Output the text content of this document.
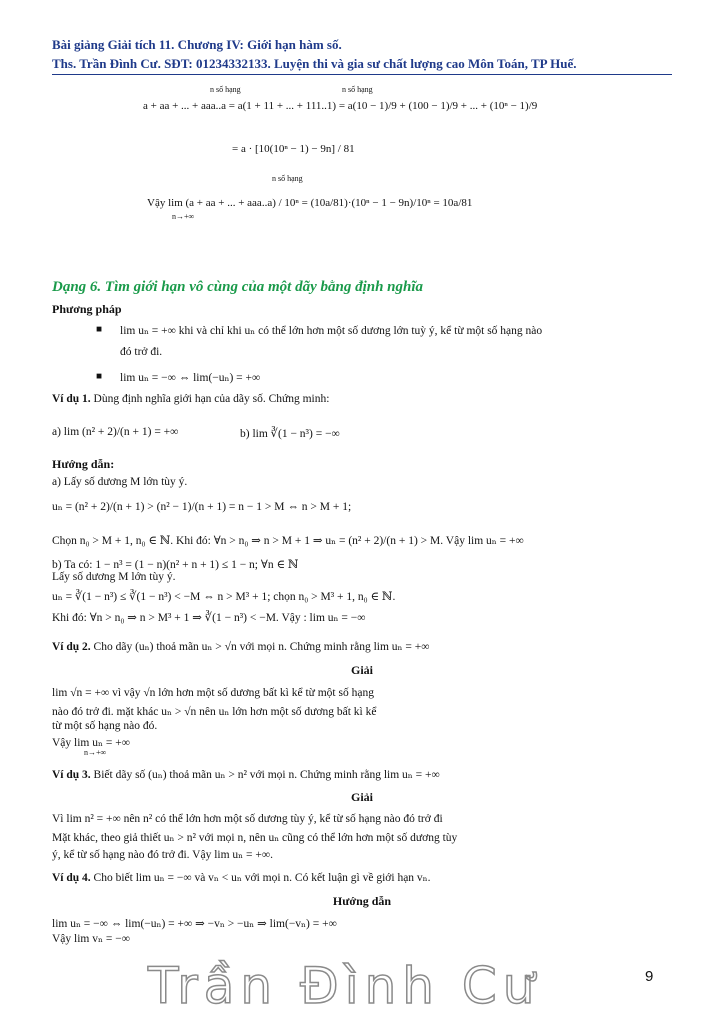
Bài giảng Giải tích 11. Chương IV: Giới hạn hàm số.
Ths. Trần Đình Cư. SĐT: 01234332133. Luyện thi và gia sư chất lượng cao Môn Toán, TP Huế.
n số hạng	n số hạng
a + aa + ... + aaa..a = a(1 + 11 + ... + 111..1) = a(10 − 1)/9 + (100 − 1)/9 + ... + (10ⁿ − 1)/9
= a · [10(10ⁿ − 1) − 9n] / 81
n số hạng
Vậy lim (a + aa + ... + aaa..a) / 10ⁿ = (10a/81)·(10ⁿ − 1 − 9n)/10ⁿ = 10a/81
n→+∞
Dạng 6. Tìm giới hạn vô cùng của một dãy bằng định nghĩa
Phương pháp
■ lim uₙ = +∞ khi và chỉ khi uₙ có thể lớn hơn một số dương lớn tuỳ ý, kể từ một số hạng nào
đó trở đi.
■ lim uₙ = −∞ ⇔ lim(−uₙ) = +∞
Ví dụ 1. Dùng định nghĩa giới hạn của dãy số. Chứng minh:
a) lim (n² + 2)/(n + 1) = +∞	b) lim ∛(1 − n³) = −∞
Hướng dẫn:
a) Lấy số dương M lớn tùy ý.
uₙ = (n² + 2)/(n + 1) > (n² − 1)/(n + 1) = n − 1 > M ⇔ n > M + 1;
Chọn n₀ > M + 1, n₀ ∈ ℕ. Khi đó: ∀n > n₀ ⇒ n > M + 1 ⇒ uₙ = (n² + 2)/(n + 1) > M. Vậy lim uₙ = +∞
b) Ta có: 1 − n³ = (1 − n)(n² + n + 1) ≤ 1 − n; ∀n ∈ ℕ
Lấy số dương M lớn tùy ý.
uₙ = ∛(1 − n³) ≤ ∛(1 − n³) < −M ⇔ n > M³ + 1; chọn n₀ > M³ + 1, n₀ ∈ ℕ.
Khi đó: ∀n > n₀ ⇒ n > M³ + 1 ⇒ ∛(1 − n³) < −M. Vậy : lim uₙ = −∞
Ví dụ 2. Cho dãy (uₙ) thoả mãn uₙ > √n với mọi n. Chứng minh rằng lim uₙ = +∞
Giải
lim √n = +∞ vì vậy √n lớn hơn một số dương bất kì kể từ một số hạng
nào đó trở đi. mặt khác uₙ > √n nên uₙ lớn hơn một số dương bất kì kể
từ một số hạng nào đó.
Vậy lim uₙ = +∞
n→+∞
Ví dụ 3. Biết dãy số (uₙ) thoả mãn uₙ > n² với mọi n. Chứng minh rằng lim uₙ = +∞
Giải
Vì lim n² = +∞ nên n² có thể lớn hơn một số dương tùy ý, kể từ số hạng nào đó trở đi
Mặt khác, theo giả thiết uₙ > n² với mọi n, nên uₙ cũng có thể lớn hơn một số dương tùy
ý, kể từ số hạng nào đó trở đi. Vậy lim uₙ = +∞.
Ví dụ 4. Cho biết lim uₙ = −∞ và vₙ < uₙ với mọi n. Có kết luận gì về giới hạn vₙ.
Hướng dẫn
lim uₙ = −∞ ⇔ lim(−uₙ) = +∞ ⇒ −vₙ > −uₙ ⇒ lim(−vₙ) = +∞
Vậy lim vₙ = −∞
Trần Đình Cư	9
